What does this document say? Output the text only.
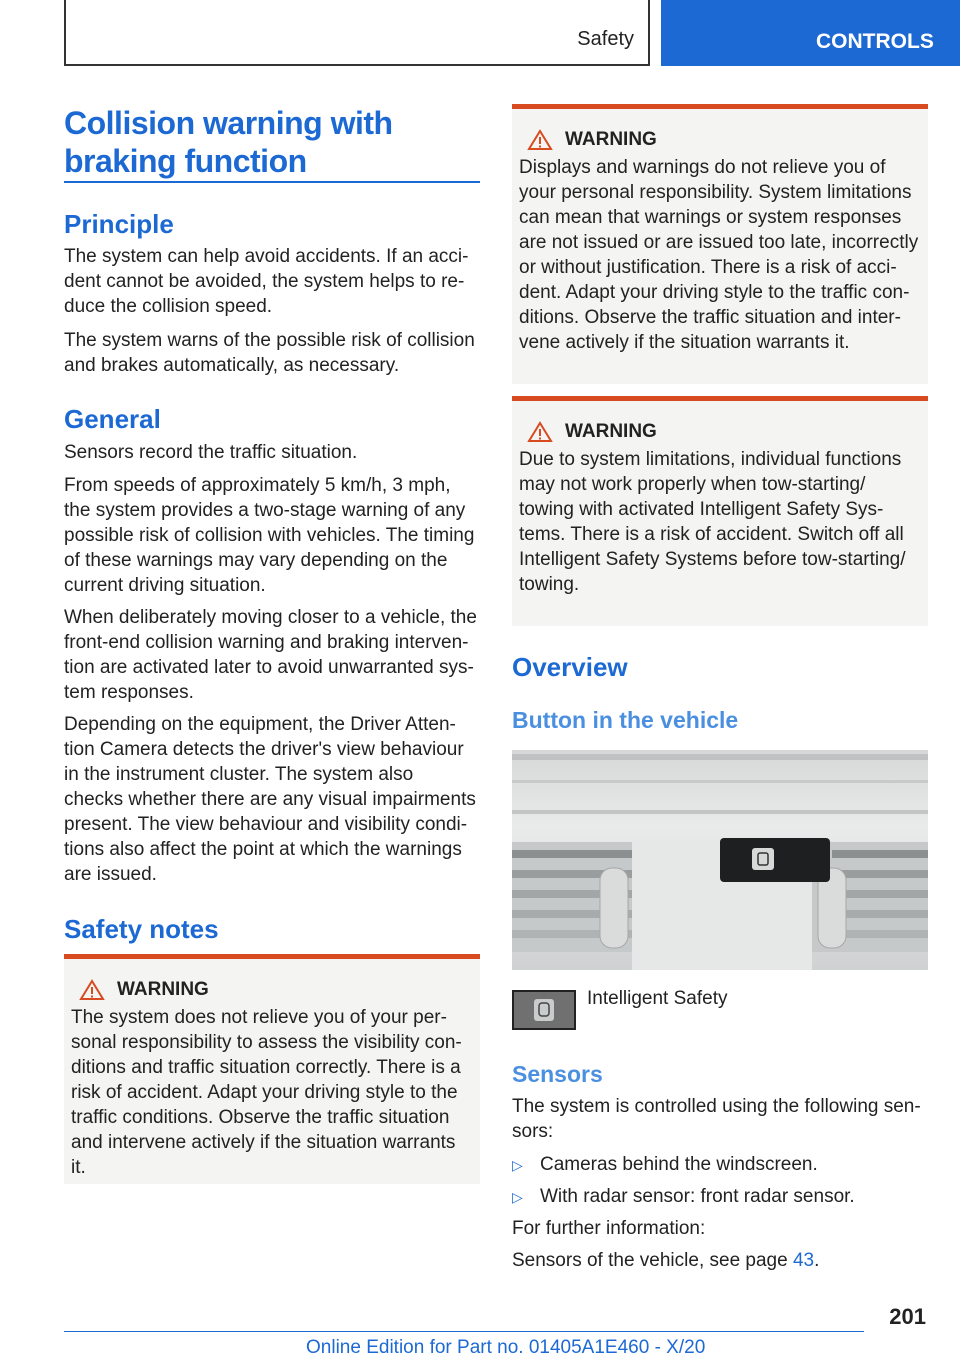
Safety	CONTROLS
Collision warning with
braking function
Principle
The system can help avoid accidents. If an acci-
dent cannot be avoided, the system helps to re-
duce the collision speed.
The system warns of the possible risk of collision
and brakes automatically, as necessary.
General
Sensors record the traffic situation.
From speeds of approximately 5 km/h, 3 mph,
the system provides a two-stage warning of any
possible risk of collision with vehicles. The timing
of these warnings may vary depending on the
current driving situation.
When deliberately moving closer to a vehicle, the
front-end collision warning and braking interven-
tion are activated later to avoid unwarranted sys-
tem responses.
Depending on the equipment, the Driver Atten-
tion Camera detects the driver's view behaviour
in the instrument cluster. The system also
checks whether there are any visual impairments
present. The view behaviour and visibility condi-
tions also affect the point at which the warnings
are issued.
Safety notes
WARNING
The system does not relieve you of your per-
sonal responsibility to assess the visibility con-
ditions and traffic situation correctly. There is a
risk of accident. Adapt your driving style to the
traffic conditions. Observe the traffic situation
and intervene actively if the situation warrants it.
WARNING
Displays and warnings do not relieve you of
your personal responsibility. System limitations
can mean that warnings or system responses
are not issued or are issued too late, incorrectly
or without justification. There is a risk of acci-
dent. Adapt your driving style to the traffic con-
ditions. Observe the traffic situation and inter-
vene actively if the situation warrants it.
WARNING
Due to system limitations, individual functions
may not work properly when tow-starting/
towing with activated Intelligent Safety Sys-
tems. There is a risk of accident. Switch off all
Intelligent Safety Systems before tow-starting/
towing.
Overview
Button in the vehicle
Intelligent Safety
Sensors
The system is controlled using the following sen-
sors:
▷ Cameras behind the windscreen.
▷ With radar sensor: front radar sensor.
For further information:
Sensors of the vehicle, see page 43.
201
Online Edition for Part no. 01405A1E460 - X/20
